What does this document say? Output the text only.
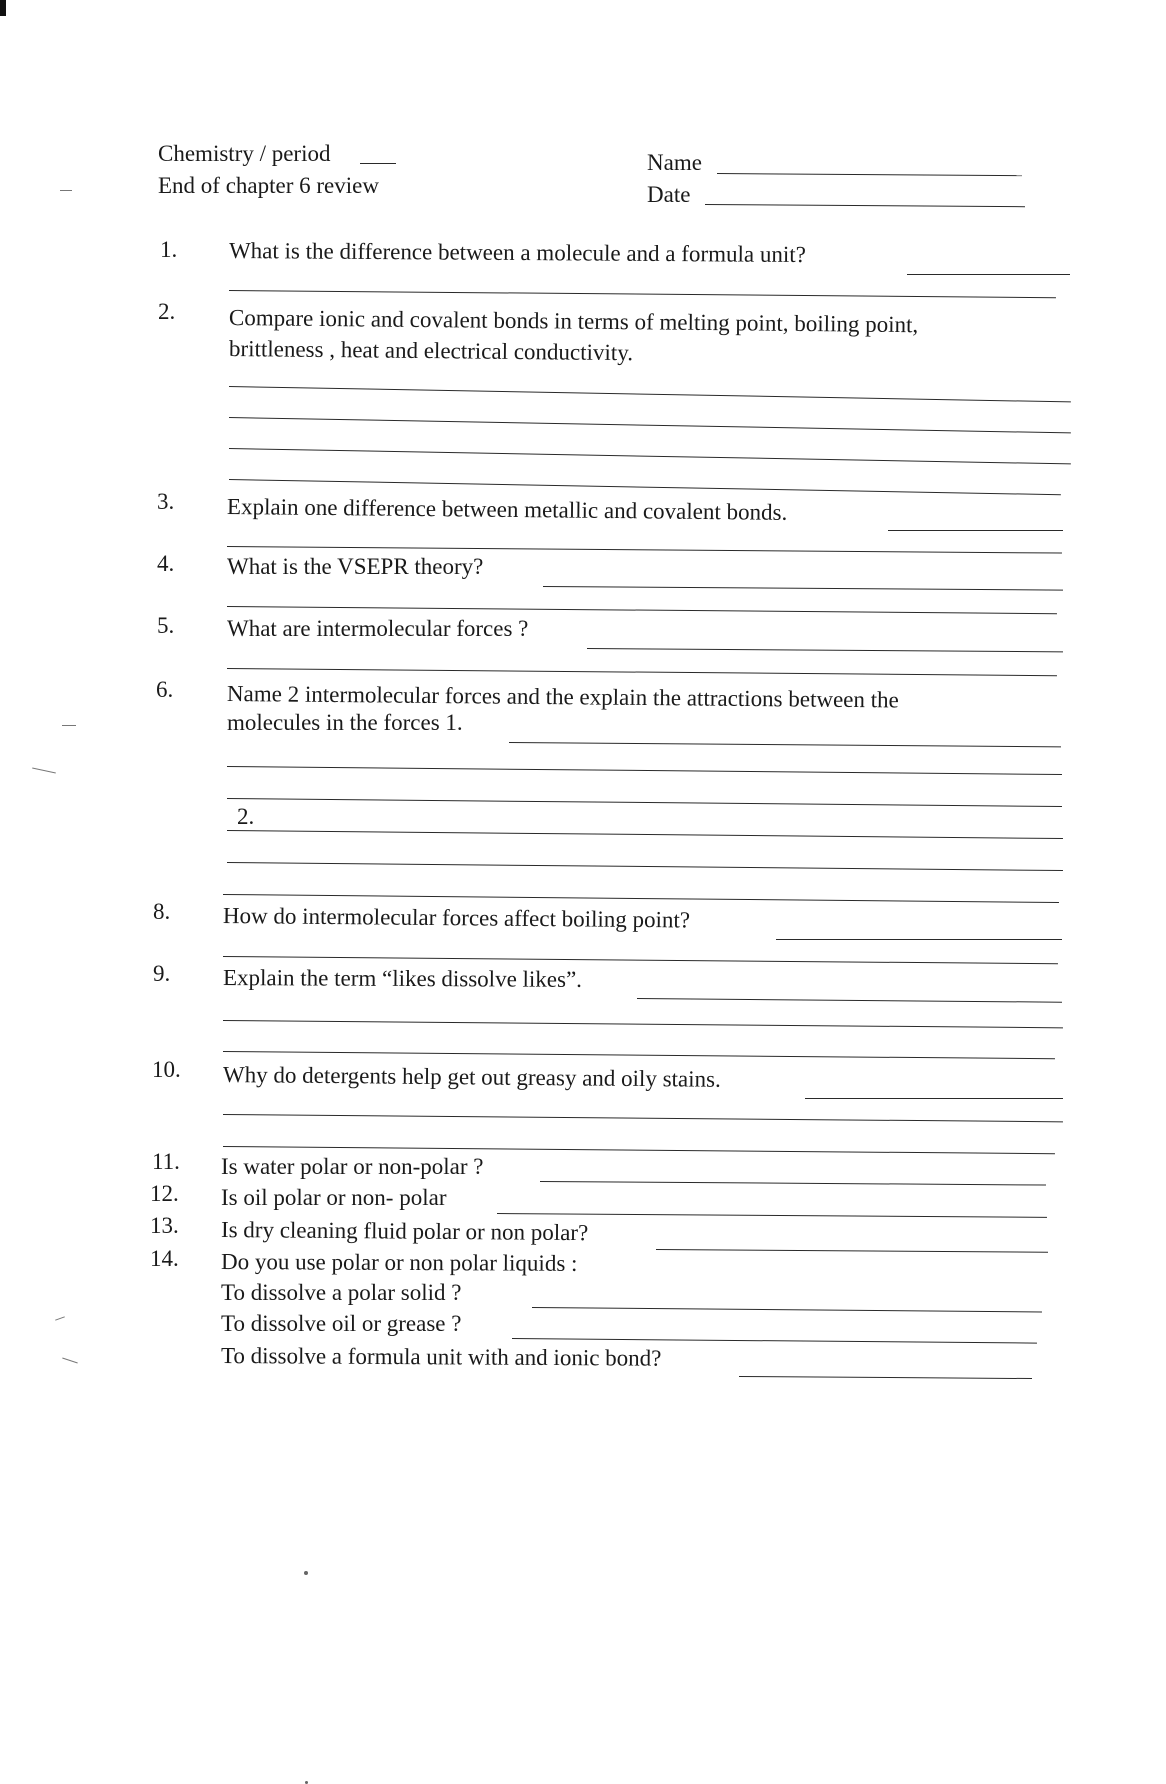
Chemistry / period
End of chapter 6 review
Name
Date
1. What is the difference between a molecule and a formula unit?
2. Compare ionic and covalent bonds in terms of melting point, boiling point,
brittleness , heat and electrical conductivity.
3. Explain one difference between metallic and covalent bonds.
4. What is the VSEPR theory?
5. What are intermolecular forces ?
6. Name 2 intermolecular forces and the explain the attractions between the
molecules in the forces 1.
2.
8. How do intermolecular forces affect boiling point?
9. Explain the term “likes dissolve likes”.
10. Why do detergents help get out greasy and oily stains.
11. Is water polar or non-polar ?
12. Is oil polar or non- polar
13. Is dry cleaning fluid polar or non polar?
14. Do you use polar or non polar liquids :
To dissolve a polar solid ?
To dissolve oil or grease ?
To dissolve a formula unit with and ionic bond?
